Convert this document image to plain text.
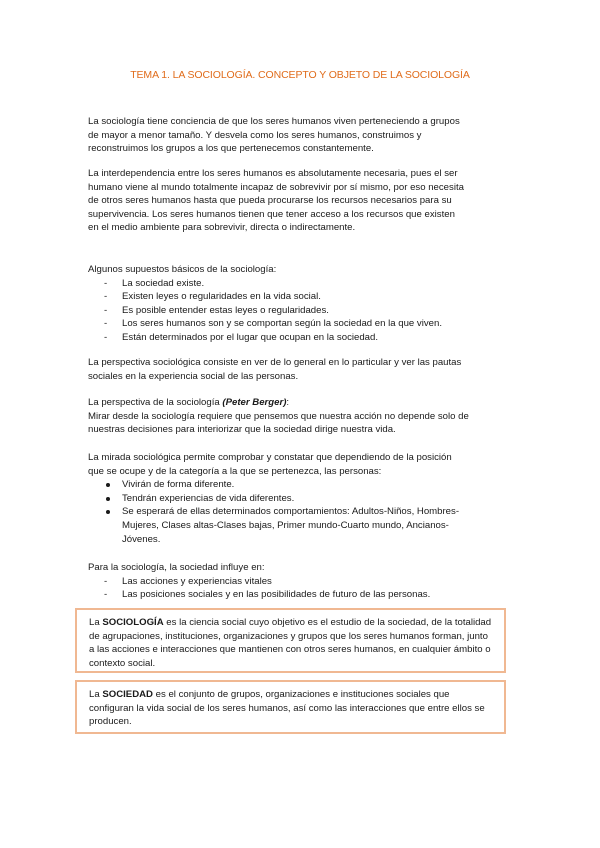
TEMA 1. LA SOCIOLOGÍA. CONCEPTO Y OBJETO DE LA SOCIOLOGÍA
La sociología tiene conciencia de que los seres humanos viven perteneciendo a grupos de mayor a menor tamaño. Y desvela como los seres humanos, construimos y reconstruimos los grupos a los que pertenecemos constantemente.
La interdependencia entre los seres humanos es absolutamente necesaria, pues el ser humano viene al mundo totalmente incapaz de sobrevivir por sí mismo, por eso necesita de otros seres humanos hasta que pueda procurarse los recursos necesarios para su supervivencia. Los seres humanos tienen que tener acceso a los recursos que existen en el medio ambiente para sobrevivir, directa o indirectamente.
Algunos supuestos básicos de la sociología:
- La sociedad existe.
- Existen leyes o regularidades en la vida social.
- Es posible entender estas leyes o regularidades.
- Los seres humanos son y se comportan según la sociedad en la que viven.
- Están determinados por el lugar que ocupan en la sociedad.
La perspectiva sociológica consiste en ver de lo general en lo particular y ver las pautas sociales en la experiencia social de las personas.
La perspectiva de la sociología (Peter Berger):
Mirar desde la sociología requiere que pensemos que nuestra acción no depende solo de nuestras decisiones para interiorizar que la sociedad dirige nuestra vida.
La mirada sociológica permite comprobar y constatar que dependiendo de la posición que se ocupe y de la categoría a la que se pertenezca, las personas:
Vivirán de forma diferente.
Tendrán experiencias de vida diferentes.
Se esperará de ellas determinados comportamientos: Adultos-Niños, Hombres-Mujeres, Clases altas-Clases bajas, Primer mundo-Cuarto mundo, Ancianos-Jóvenes.
Para la sociología, la sociedad influye en:
- Las acciones y experiencias vitales
- Las posiciones sociales y en las posibilidades de futuro de las personas.
La SOCIOLOGÍA es la ciencia social cuyo objetivo es el estudio de la sociedad, de la totalidad de agrupaciones, instituciones, organizaciones y grupos que los seres humanos forman, junto a las acciones e interacciones que mantienen con otros seres humanos, en cualquier ámbito o contexto social.
La SOCIEDAD es el conjunto de grupos, organizaciones e instituciones sociales que configuran la vida social de los seres humanos, así como las interacciones que entre ellos se producen.
